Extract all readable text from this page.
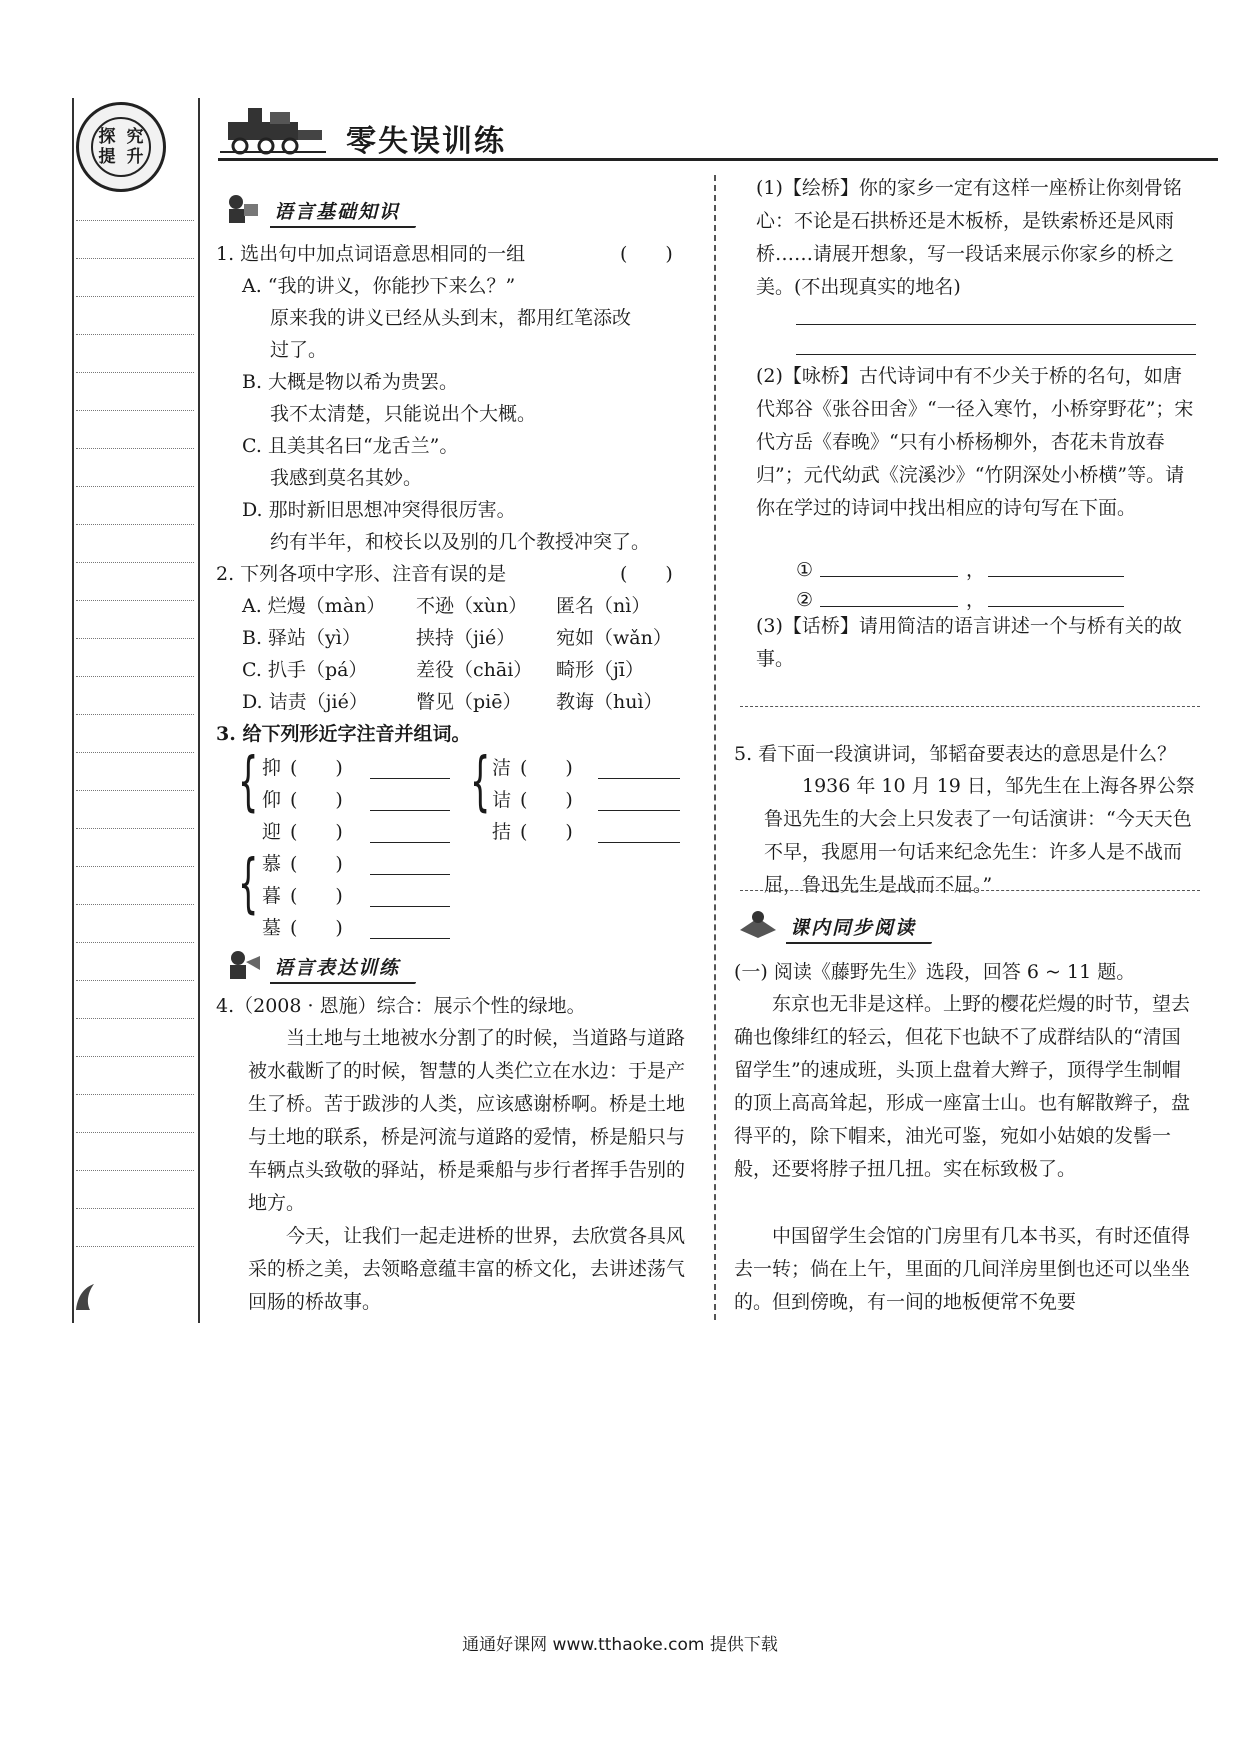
探 究
提 升	零失误训练
语言基础知识
1. 选出句中加点词语意思相同的一组	(　　)
A. “我的讲义，你能抄下来么？”
原来我的讲义已经从头到末，都用红笔添改
过了。
B. 大概是物以希为贵罢。
我不太清楚，只能说出个大概。
C. 且美其名曰“龙舌兰”。
我感到莫名其妙。
D. 那时新旧思想冲突得很厉害。
约有半年，和校长以及别的几个教授冲突了。
2. 下列各项中字形、注音有误的是	(　　)
A. 烂熳（màn） 不逊（xùn） 匿名（nì）
B. 驿站（yì）	挟持（jié） 宛如（wǎn）
C. 扒手（pá）	差役（chāi） 畸形（jī）
D. 诘责（jié）	瞥见（piē） 教诲（huì）
3. 给下列形近字注音并组词。
{ 抑 (　　)
仰 (　　)
迎 (　　)
{ 洁 (　　)
诘 (　　)
拮 (　　)
{ 慕 (　　)
暮 (　　)
墓 (　　)
语言表达训练
4.（2008 · 恩施）综合：展示个性的绿地。
当土地与土地被水分割了的时候，当道路与道路被水截断了的时候，智慧的人类伫立在水边：于是产生了桥。苦于跋涉的人类，应该感谢桥啊。桥是土地与土地的联系，桥是河流与道路的爱情，桥是船只与车辆点头致敬的驿站，桥是乘船与步行者挥手告别的地方。
今天，让我们一起走进桥的世界，去欣赏各具风采的桥之美，去领略意蕴丰富的桥文化，去讲述荡气回肠的桥故事。
(1)【绘桥】你的家乡一定有这样一座桥让你刻骨铭心：不论是石拱桥还是木板桥，是铁索桥还是风雨桥……请展开想象，写一段话来展示你家乡的桥之美。(不出现真实的地名)
(2)【咏桥】古代诗词中有不少关于桥的名句，如唐代郑谷《张谷田舍》“一径入寒竹，小桥穿野花”；宋代方岳《春晚》“只有小桥杨柳外，杏花未肯放春归”；元代幼武《浣溪沙》“竹阴深处小桥横”等。请你在学过的诗词中找出相应的诗句写在下面。
①	，
②	，
(3)【话桥】请用简洁的语言讲述一个与桥有关的故事。
5. 看下面一段演讲词，邹韬奋要表达的意思是什么？
1936 年 10 月 19 日，邹先生在上海各界公祭鲁迅先生的大会上只发表了一句话演讲：“今天天色不早，我愿用一句话来纪念先生：许多人是不战而屈，鲁迅先生是战而不屈。”
课内同步阅读
(一) 阅读《藤野先生》选段，回答 6 ~ 11 题。
东京也无非是这样。上野的樱花烂熳的时节，望去确也像绯红的轻云，但花下也缺不了成群结队的“清国留学生”的速成班，头顶上盘着大辫子，顶得学生制帽的顶上高高耸起，形成一座富士山。也有解散辫子，盘得平的，除下帽来，油光可鉴，宛如小姑娘的发髻一般，还要将脖子扭几扭。实在标致极了。
中国留学生会馆的门房里有几本书买，有时还值得去一转；倘在上午，里面的几间洋房里倒也还可以坐坐的。但到傍晚，有一间的地板便常不免要
通通好课网 www.tthaoke.com 提供下载
